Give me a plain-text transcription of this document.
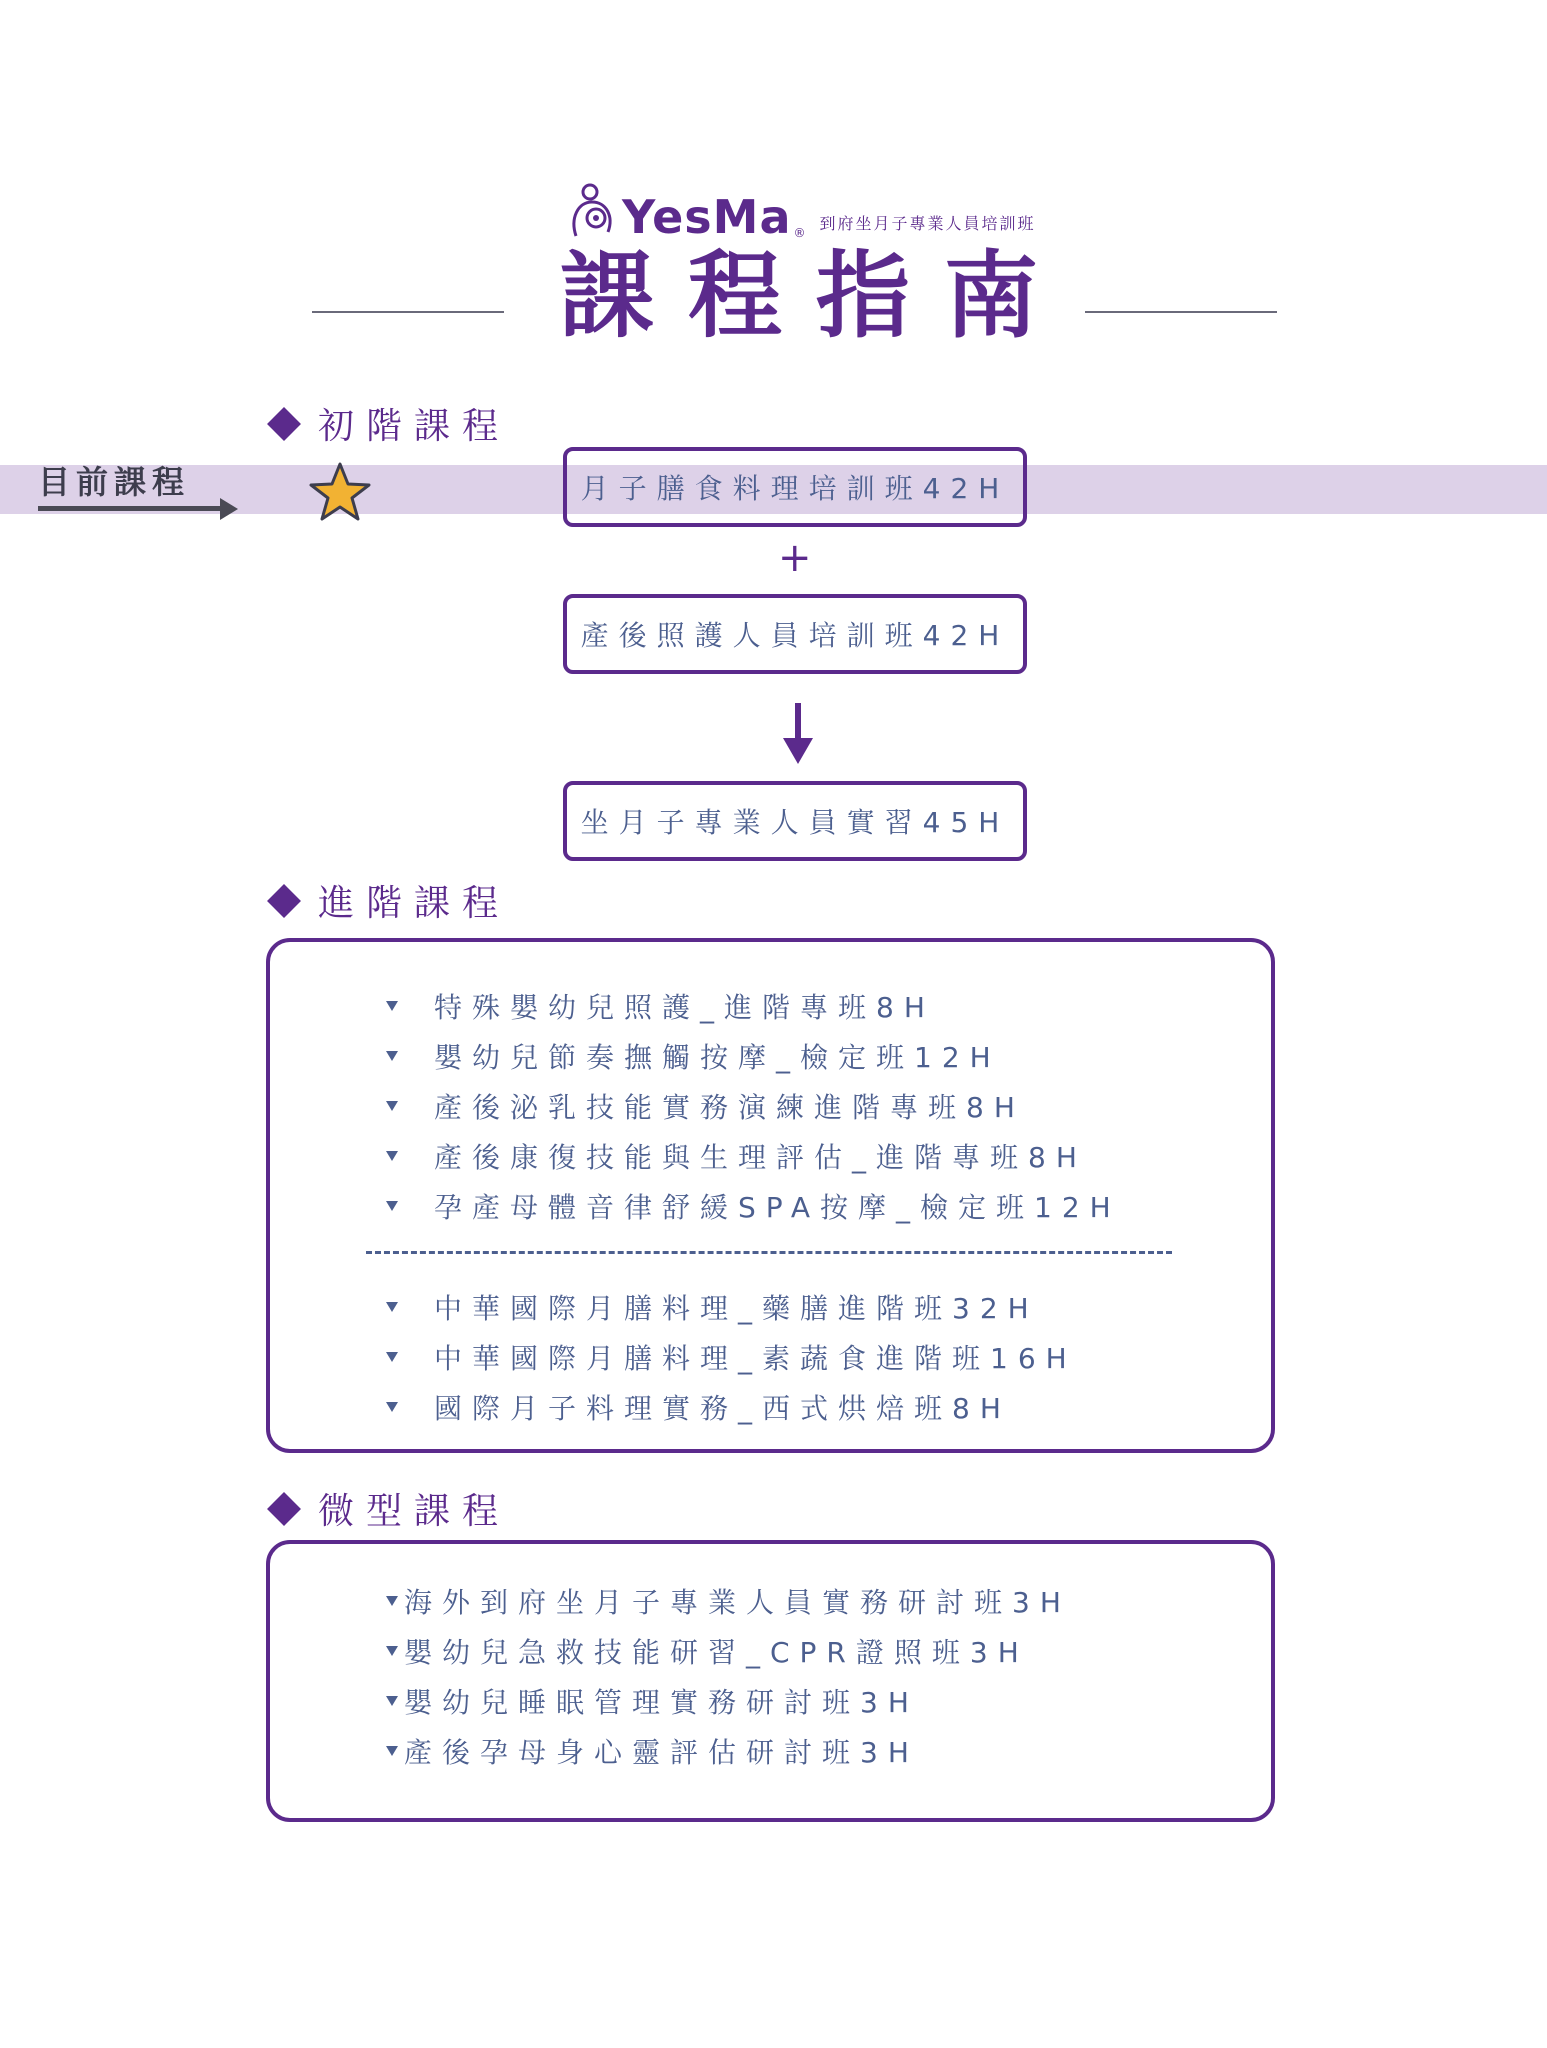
YesMa ® 到府坐月子專業人員培訓班
課程指南
初階課程
目前課程	月子膳食料理培訓班42H
+
產後照護人員培訓班42H
坐月子專業人員實習45H
進階課程
特殊嬰幼兒照護_進階專班8H
嬰幼兒節奏撫觸按摩_檢定班12H
產後泌乳技能實務演練進階專班8H
產後康復技能與生理評估_進階專班8H
孕產母體音律舒緩SPA按摩_檢定班12H
中華國際月膳料理_藥膳進階班32H
中華國際月膳料理_素蔬食進階班16H
國際月子料理實務_西式烘焙班8H
微型課程
海外到府坐月子專業人員實務研討班3H
嬰幼兒急救技能研習_CPR證照班3H
嬰幼兒睡眠管理實務研討班3H
產後孕母身心靈評估研討班3H
